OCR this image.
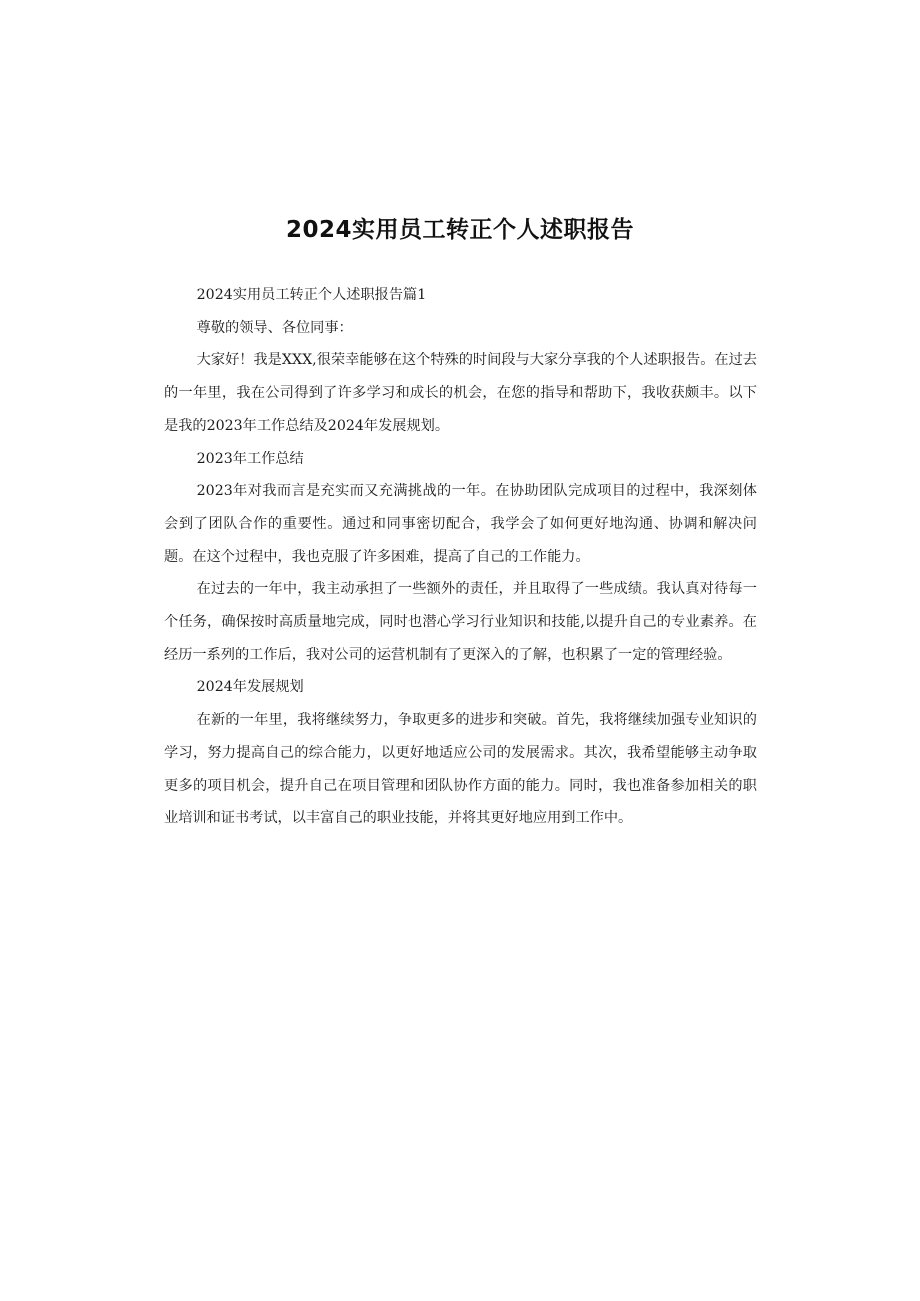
2024实用员工转正个人述职报告

2024实用员工转正个人述职报告篇1

尊敬的领导、各位同事：

大家好！我是XXX,很荣幸能够在这个特殊的时间段与大家分享我的个人述职报告。在过去的一年里，我在公司得到了许多学习和成长的机会，在您的指导和帮助下，我收获颇丰。以下是我的2023年工作总结及2024年发展规划。

2023年工作总结

2023年对我而言是充实而又充满挑战的一年。在协助团队完成项目的过程中，我深刻体会到了团队合作的重要性。通过和同事密切配合，我学会了如何更好地沟通、协调和解决问题。在这个过程中，我也克服了许多困难，提高了自己的工作能力。

在过去的一年中，我主动承担了一些额外的责任，并且取得了一些成绩。我认真对待每一个任务，确保按时高质量地完成，同时也潜心学习行业知识和技能,以提升自己的专业素养。在经历一系列的工作后，我对公司的运营机制有了更深入的了解，也积累了一定的管理经验。

2024年发展规划

在新的一年里，我将继续努力，争取更多的进步和突破。首先，我将继续加强专业知识的学习，努力提高自己的综合能力，以更好地适应公司的发展需求。其次，我希望能够主动争取更多的项目机会，提升自己在项目管理和团队协作方面的能力。同时，我也准备参加相关的职业培训和证书考试，以丰富自己的职业技能，并将其更好地应用到工作中。
